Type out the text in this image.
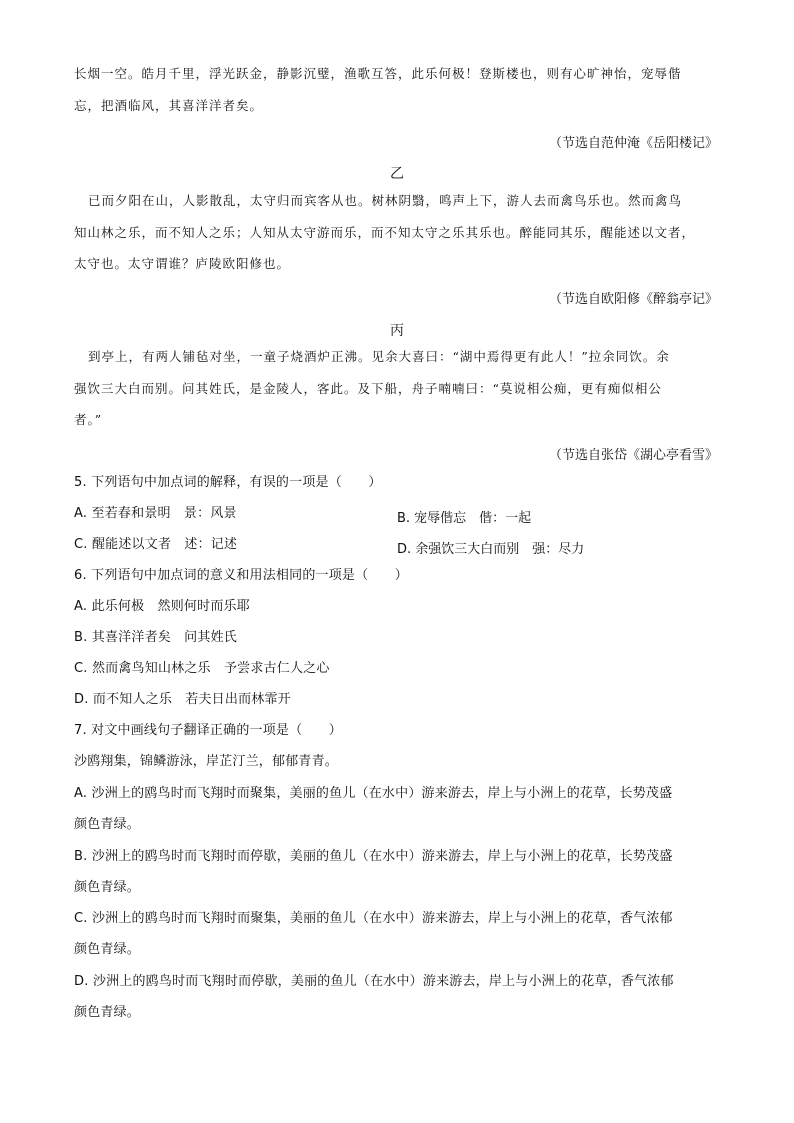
长烟一空。皓月千里，浮光跃金，静影沉璧，渔歌互答，此乐何极！登斯楼也，则有心旷神怡，宠辱偕
忘，把酒临风，其喜洋洋者矣。
（节选自范仲淹《岳阳楼记》
乙
已而夕阳在山，人影散乱，太守归而宾客从也。树林阴翳，鸣声上下，游人去而禽鸟乐也。然而禽鸟
知山林之乐，而不知人之乐；人知从太守游而乐，而不知太守之乐其乐也。醉能同其乐，醒能述以文者，
太守也。太守谓谁？庐陵欧阳修也。
（节选自欧阳修《醉翁亭记》
丙
到亭上，有两人铺毡对坐，一童子烧酒炉正沸。见余大喜曰：“湖中焉得更有此人！”拉余同饮。余
强饮三大白而别。问其姓氏，是金陵人，客此。及下船，舟子喃喃曰：“莫说相公痴，更有痴似相公
者。”
（节选自张岱《湖心亭看雪》
5. 下列语句中加点词的解释，有误的一项是（　　）
A. 至若春和景明　景：风景	B. 宠辱偕忘　偕：一起
C. 醒能述以文者　述：记述	D. 余强饮三大白而别　强：尽力
6. 下列语句中加点词的意义和用法相同的一项是（　　）
A. 此乐何极　然则何时而乐耶
B. 其喜洋洋者矣　问其姓氏
C. 然而禽鸟知山林之乐　予尝求古仁人之心
D. 而不知人之乐　若夫日出而林霏开
7. 对文中画线句子翻译正确的一项是（　　）
沙鸥翔集，锦鳞游泳，岸芷汀兰，郁郁青青。
A. 沙洲上的鸥鸟时而飞翔时而聚集，美丽的鱼儿（在水中）游来游去，岸上与小洲上的花草，长势茂盛
颜色青绿。
B. 沙洲上的鸥鸟时而飞翔时而停歇，美丽的鱼儿（在水中）游来游去，岸上与小洲上的花草，长势茂盛
颜色青绿。
C. 沙洲上的鸥鸟时而飞翔时而聚集，美丽的鱼儿（在水中）游来游去，岸上与小洲上的花草，香气浓郁
颜色青绿。
D. 沙洲上的鸥鸟时而飞翔时而停歇，美丽的鱼儿（在水中）游来游去，岸上与小洲上的花草，香气浓郁
颜色青绿。
